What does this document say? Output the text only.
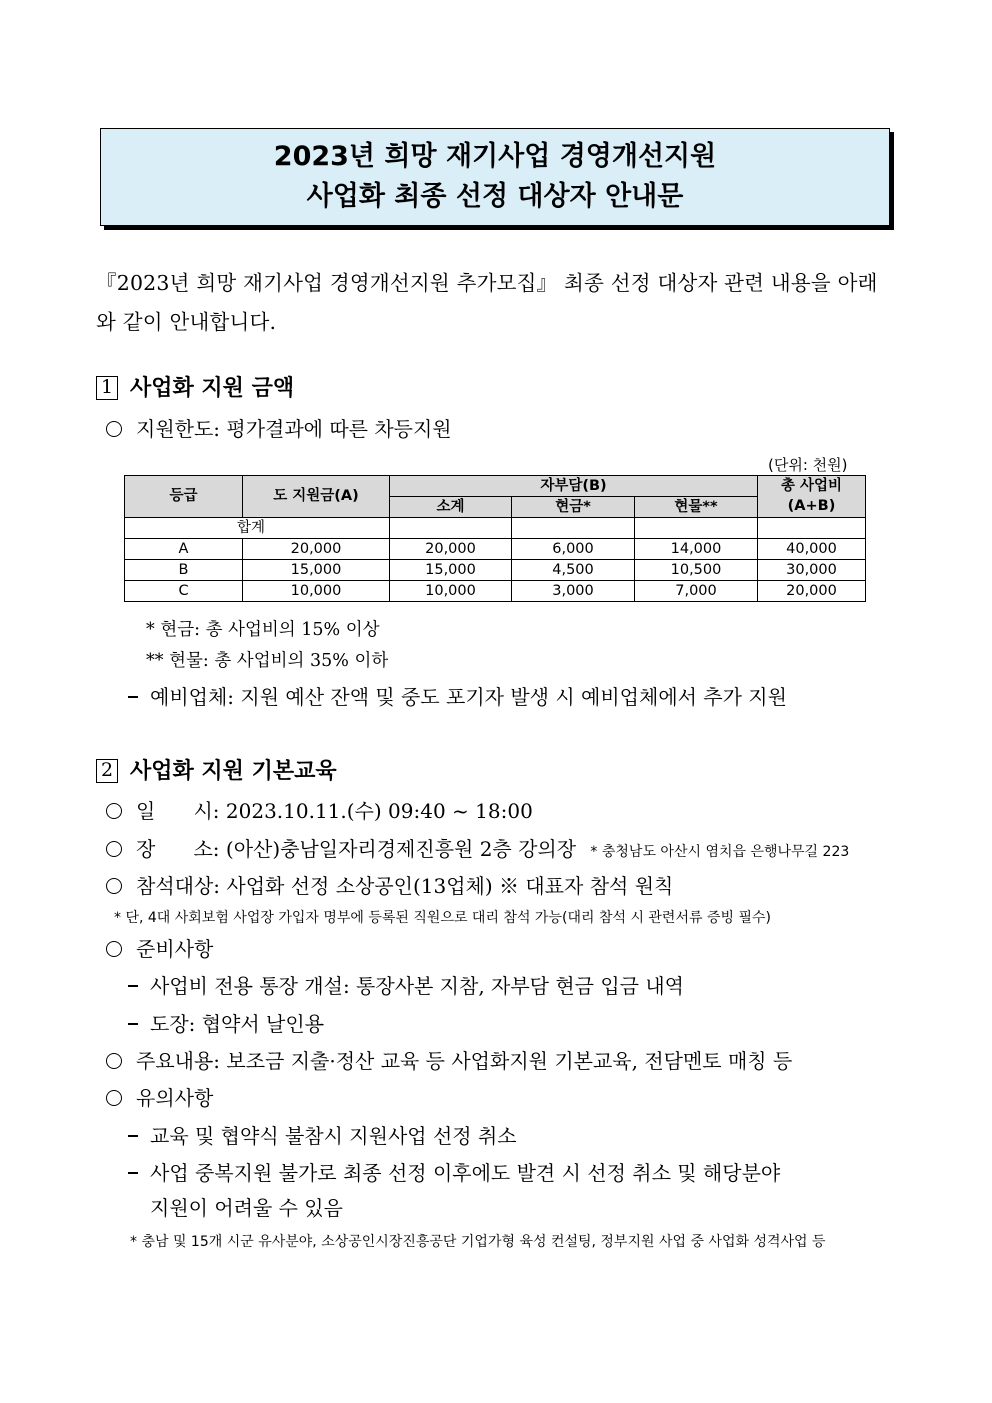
2023년 희망 재기사업 경영개선지원
사업화 최종 선정 대상자 안내문
『2023년 희망 재기사업 경영개선지원 추가모집』 최종 선정 대상자 관련 내용을 아래와 같이 안내합니다.
1 사업화 지원 금액
지원한도: 평가결과에 따른 차등지원
(단위: 천원)
등급	도 지원금(A)	자부담(B)			총 사업비
		소계	현금*	현물**	(A+B)
합계					
A	20,000	20,000	6,000	14,000	40,000
B	15,000	15,000	4,500	10,500	30,000
C	10,000	10,000	3,000	7,000	20,000
* 현금: 총 사업비의 15% 이상
** 현물: 총 사업비의 35% 이하
예비업체: 지원 예산 잔액 및 중도 포기자 발생 시 예비업체에서 추가 지원
2 사업화 지원 기본교육
일      시: 2023.10.11.(수) 09:40 ~ 18:00
장      소: (아산)충남일자리경제진흥원 2층 강의장 * 충청남도 아산시 염치읍 은행나무길 223
참석대상: 사업화 선정 소상공인(13업체) ※ 대표자 참석 원칙
* 단, 4대 사회보험 사업장 가입자 명부에 등록된 직원으로 대리 참석 가능(대리 참석 시 관련서류 증빙 필수)
준비사항
사업비 전용 통장 개설: 통장사본 지참, 자부담 현금 입금 내역
도장: 협약서 날인용
주요내용: 보조금 지출·정산 교육 등 사업화지원 기본교육, 전담멘토 매칭 등
유의사항
교육 및 협약식 불참시 지원사업 선정 취소
사업 중복지원 불가로 최종 선정 이후에도 발견 시 선정 취소 및 해당분야
지원이 어려울 수 있음
* 충남 및 15개 시군 유사분야, 소상공인시장진흥공단 기업가형 육성 컨설팅, 정부지원 사업 중 사업화 성격사업 등
